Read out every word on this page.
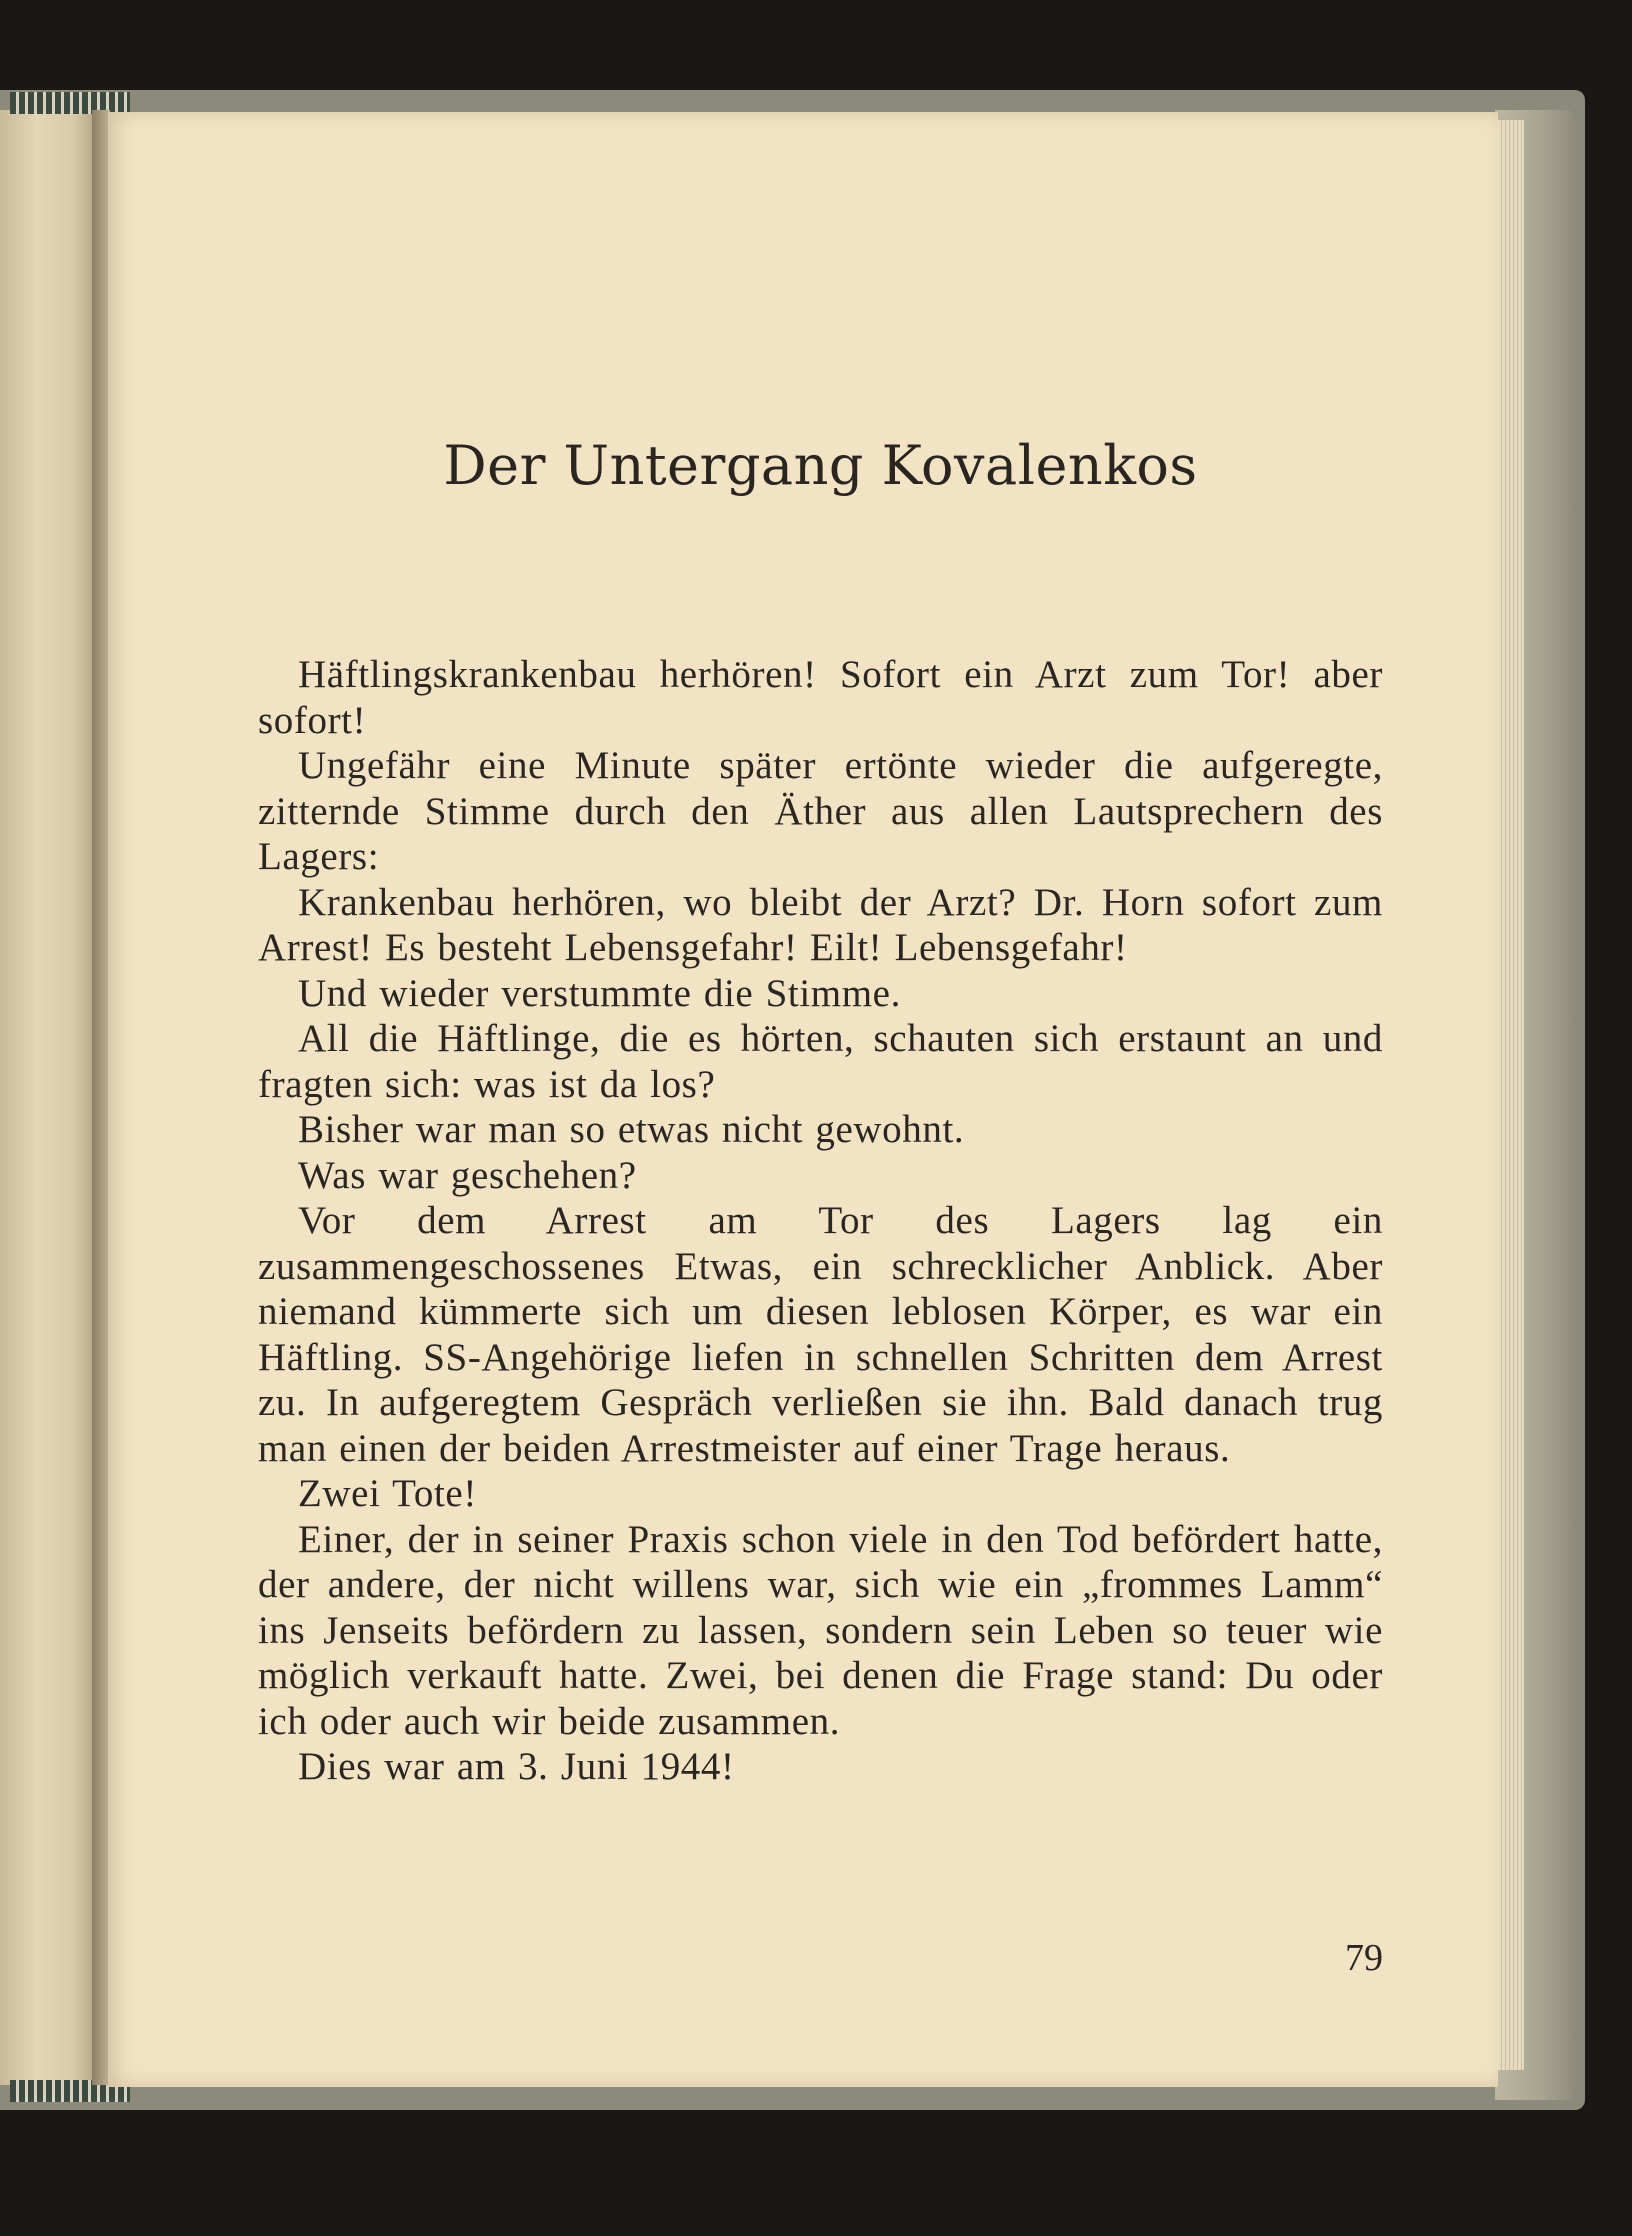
Der Untergang Kovalenkos

Häftlingskrankenbau herhören! Sofort ein Arzt zum Tor! aber sofort!

Ungefähr eine Minute später ertönte wieder die aufgeregte, zitternde Stimme durch den Äther aus allen Lautsprechern des Lagers:

Krankenbau herhören, wo bleibt der Arzt? Dr. Horn sofort zum Arrest! Es besteht Lebensgefahr! Eilt! Lebensgefahr!

Und wieder verstummte die Stimme.

All die Häftlinge, die es hörten, schauten sich erstaunt an und fragten sich: was ist da los?

Bisher war man so etwas nicht gewohnt.

Was war geschehen?

Vor dem Arrest am Tor des Lagers lag ein zusammengeschossenes Etwas, ein schrecklicher Anblick. Aber niemand kümmerte sich um diesen leblosen Körper, es war ein Häftling. SS-Angehörige liefen in schnellen Schritten dem Arrest zu. In aufgeregtem Gespräch verließen sie ihn. Bald danach trug man einen der beiden Arrestmeister auf einer Trage heraus.

Zwei Tote!

Einer, der in seiner Praxis schon viele in den Tod befördert hatte, der andere, der nicht willens war, sich wie ein „frommes Lamm“ ins Jenseits befördern zu lassen, sondern sein Leben so teuer wie möglich verkauft hatte. Zwei, bei denen die Frage stand: Du oder ich oder auch wir beide zusammen.

Dies war am 3. Juni 1944!

79
